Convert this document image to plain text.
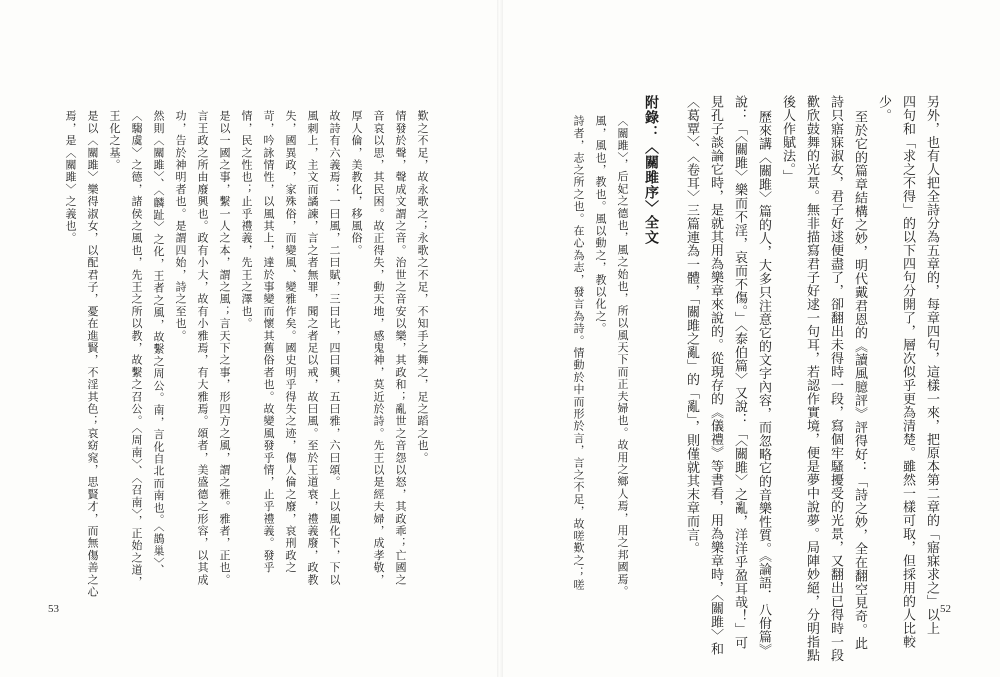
附錄：〈關雎序〉全文
〈關雎〉，后妃之德也，風之始也，所以風天下而正夫婦也。故用之鄉人焉，用之邦國焉。
風，風也，教也。風以動之，教以化之。
詩者，志之所之也。在心為志，發言為詩。情動於中而形於言，言之不足，故嗟歎之；嗟
歎之不足，故永歌之；永歌之不足，不知手之舞之，足之蹈之也。
情發於聲，聲成文謂之音。治世之音安以樂，其政和；亂世之音怨以怒，其政乖；亡國之
音哀以思，其民困。故正得失，動天地，感鬼神，莫近於詩。先王以是經夫婦，成孝敬，
厚人倫，美教化，移風俗。
故詩有六義焉：一曰風，二曰賦，三曰比，四曰興，五曰雅，六曰頌。上以風化下，下以
風刺上，主文而譎諫，言之者無罪，聞之者足以戒，故曰風。至於王道衰，禮義廢，政教
失，國異政，家殊俗，而變風、變雅作矣。國史明乎得失之迹，傷人倫之廢，哀刑政之
苛，吟詠情性，以風其上，達於事變而懷其舊俗者也。故變風發乎情，止乎禮義。發乎
情，民之性也；止乎禮義，先王之澤也。
是以一國之事，繫一人之本，謂之風；言天下之事，形四方之風，謂之雅。雅者，正也。
言王政之所由廢興也。政有小大，故有小雅焉，有大雅焉。頌者，美盛德之形容，以其成
功，告於神明者也。是謂四始，詩之至也。
然則〈關雎〉、〈麟趾〉之化，王者之風，故繫之周公。南，言化自北而南也。〈鵲巢〉、
〈騶虞〉之德，諸侯之風也，先王之所以教，故繫之召公。〈周南〉、〈召南〉，正始之道，
王化之基。
是以〈關雎〉樂得淑女，以配君子，憂在進賢，不淫其色；哀窈窕，思賢才，而無傷善之心
焉，是〈關雎〉之義也。
53	另外，也有人把全詩分為五章的，每章四句，這樣一來，把原本第二章的「寤寐求之」以上
四句和「求之不得」的以下四句分開了，層次似乎更為清楚。雖然一樣可取，但採用的人比較
少。
至於它的篇章結構之妙，明代戴君恩的《讀風臆評》評得好：「詩之妙，全在翻空見奇。此
詩只寤寐淑女，君子好逑便盡了，卻翻出未得時一段，寫個牢騷擾受的光景，又翻出已得時一段
歡欣鼓舞的光景。無非描寫君子好逑一句耳，若認作實境，便是夢中說夢。局陣妙絕，分明指點
後人作賦法。」
歷來講〈關雎〉篇的人，大多只注意它的文字內容，而忽略它的音樂性質。《論語．八佾篇》
說：「〈關雎〉樂而不淫，哀而不傷。」〈泰伯篇〉又說：「〈關雎〉之亂，洋洋乎盈耳哉！」可
見孔子談論它時，是就其用為樂章來說的。從現存的《儀禮》等書看，用為樂章時，〈關雎〉和
〈葛覃〉、〈卷耳〉三篇連為一體，「關雎之亂」的「亂」，則僅就其末章而言。
52
